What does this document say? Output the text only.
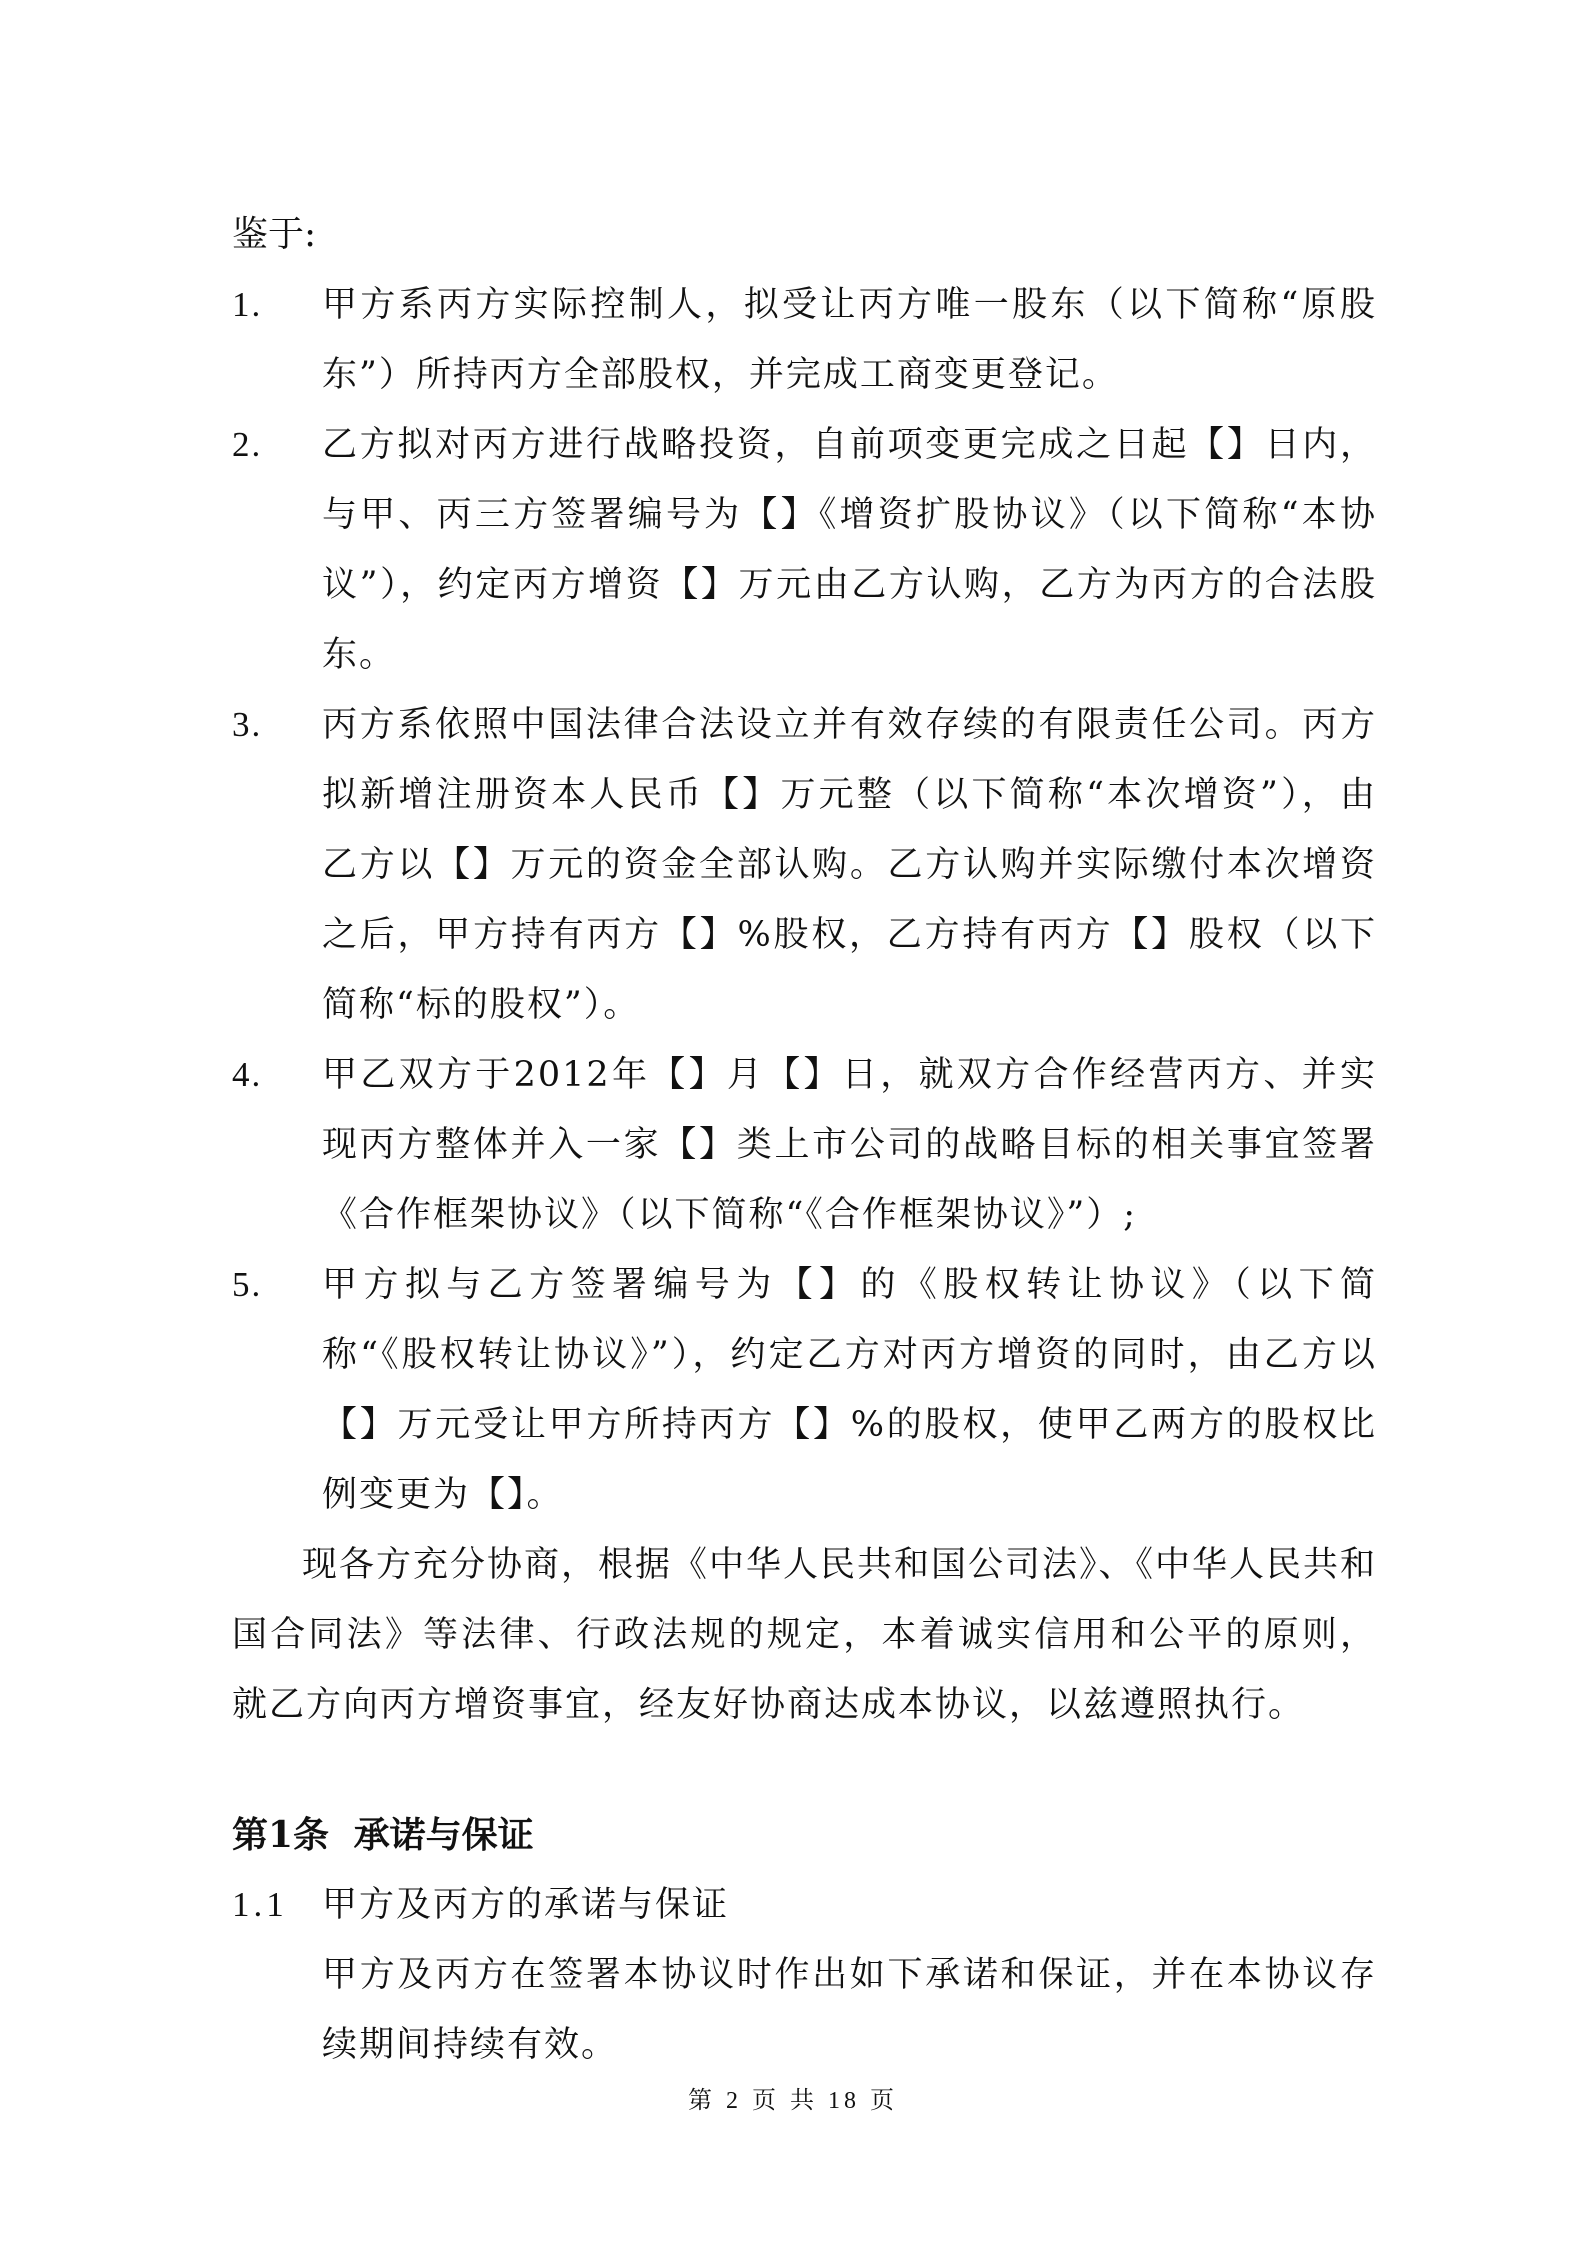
鉴于:
1.	甲方系丙方实际控制人，拟受让丙方唯一股东（以下简称“原股东”）所持丙方全部股权，并完成工商变更登记。
2.	乙方拟对丙方进行战略投资，自前项变更完成之日起【】日内，与甲、丙三方签署编号为【】《增资扩股协议》（以下简称“本协议”），约定丙方增资【】万元由乙方认购，乙方为丙方的合法股东。
3.	丙方系依照中国法律合法设立并有效存续的有限责任公司。丙方拟新增注册资本人民币【】万元整（以下简称“本次增资”），由乙方以【】万元的资金全部认购。乙方认购并实际缴付本次增资之后，甲方持有丙方【】%股权，乙方持有丙方【】股权（以下简称“标的股权”）。
4.	甲乙双方于2012年【】月【】日，就双方合作经营丙方、并实现丙方整体并入一家【】类上市公司的战略目标的相关事宜签署《合作框架协议》（以下简称“《合作框架协议》”）;
5.	甲方拟与乙方签署编号为【】的《股权转让协议》（以下简称“《股权转让协议》”），约定乙方对丙方增资的同时，由乙方以【】万元受让甲方所持丙方【】%的股权，使甲乙两方的股权比例变更为【】。

现各方充分协商，根据《中华人民共和国公司法》、《中华人民共和国合同法》等法律、行政法规的规定，本着诚实信用和公平的原则，就乙方向丙方增资事宜，经友好协商达成本协议，以兹遵照执行。

第1条 承诺与保证
1.1 甲方及丙方的承诺与保证
甲方及丙方在签署本协议时作出如下承诺和保证，并在本协议存续期间持续有效。
第 2 页 共 18 页
